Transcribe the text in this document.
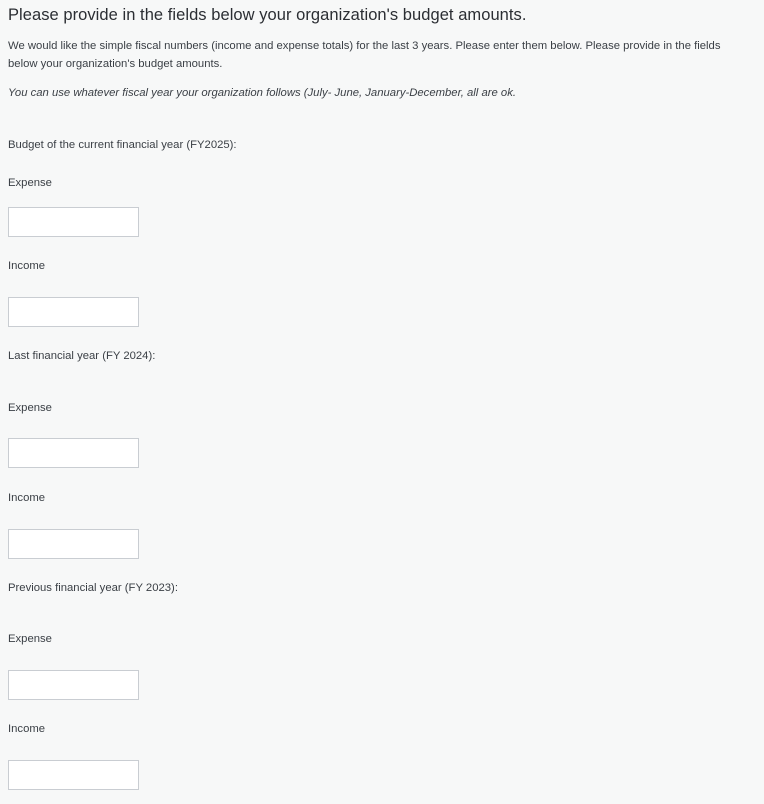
Please provide in the fields below your organization's budget amounts.
We would like the simple fiscal numbers (income and expense totals) for the last 3 years. Please enter them below. Please provide in the fields below your organization's budget amounts.
You can use whatever fiscal year your organization follows (July- June, January-December, all are ok.
Budget of the current financial year (FY2025):
Expense
Income
Last financial year (FY 2024):
Expense
Income
Previous financial year (FY 2023):
Expense
Income
